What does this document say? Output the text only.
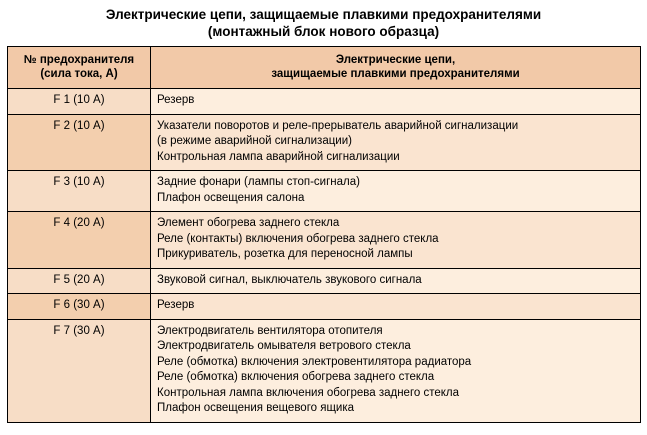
Электрические цепи, защищаемые плавкими предохранителями
(монтажный блок нового образца)
№ предохранителя
(сила тока, А)	Электрические цепи,
защищаемые плавкими предохранителями

F 1 (10 А)	Резерв

F 2 (10 А)	Указатели поворотов и реле-прерыватель аварийной сигнализации
(в режиме аварийной сигнализации)
Контрольная лампа аварийной сигнализации

F 3 (10 А)	Задние фонари (лампы стоп-сигнала)
Плафон освещения салона

F 4 (20 А)	Элемент обогрева заднего стекла
Реле (контакты) включения обогрева заднего стекла
Прикуриватель, розетка для переносной лампы

F 5 (20 А)	Звуковой сигнал, выключатель звукового сигнала

F 6 (30 А)	Резерв

F 7 (30 А)	Электродвигатель вентилятора отопителя
Электродвигатель омывателя ветрового стекла
Реле (обмотка) включения электровентилятора радиатора
Реле (обмотка) включения обогрева заднего стекла
Контрольная лампа включения обогрева заднего стекла
Плафон освещения вещевого ящика
